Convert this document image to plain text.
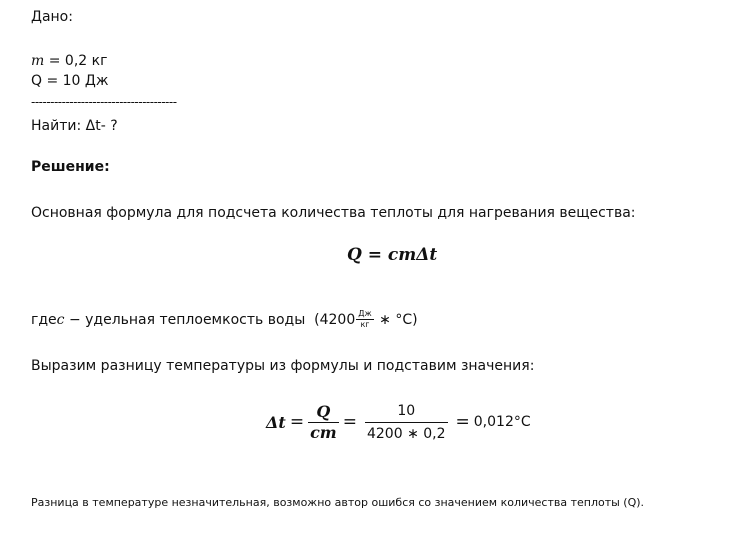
Дано:
m = 0,2 кг
Q = 10 Дж
--------------------------------------
Найти: Δt- ?
Решение:
Основная формула для подсчета количества теплоты для нагревания вещества:
Q = cmΔt
где c − удельная теплоемкость воды  ($4200 \frac{Дж}{кг}$ ∗ °C)
Выразим разницу температуры из формулы и подставим значения:
$\Delta t = \frac{Q}{cm} = \frac{10}{4200 ∗ 0,2} = 0,012^\circ C$
Разница в температуре незначительная, возможно автор ошибся со значением количества теплоты (Q).
